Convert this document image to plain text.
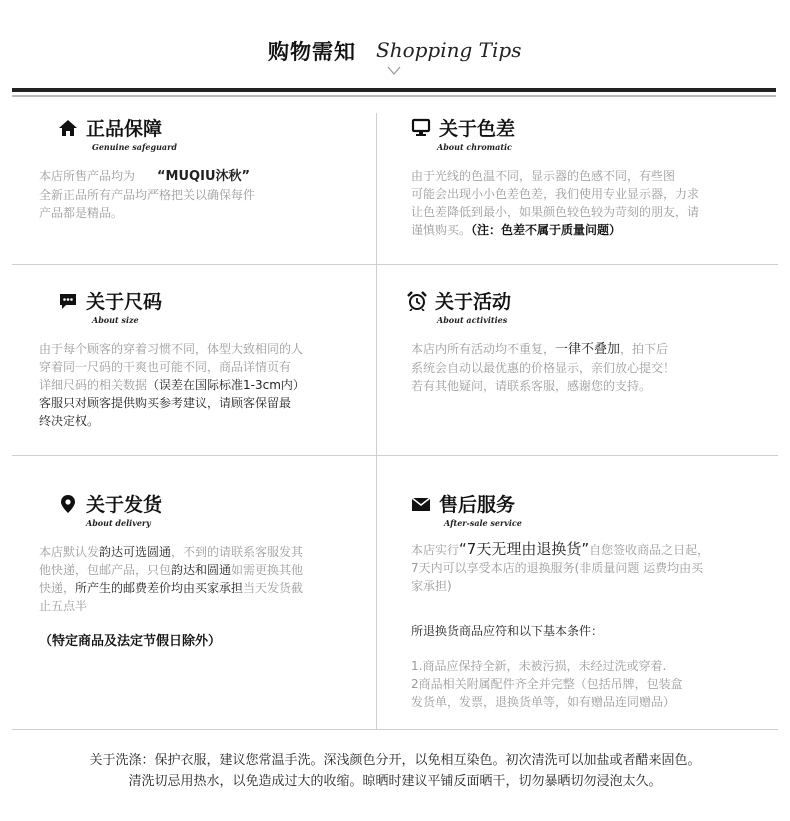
购物需知 Shopping Tips
正品保障
Genuine safeguard
本店所售产品均为 “MUQIU沐秋”
全新正品所有产品均严格把关以确保每件
产品都是精品。
关于色差
About chromatic
由于光线的色温不同，显示器的色感不同，有些图
可能会出现小小色差色差，我们使用专业显示器，力求
让色差降低到最小，如果颜色较色较为苛刻的朋友，请
谨慎购买。（注：色差不属于质量问题）
关于尺码
About size
由于每个顾客的穿着习惯不同，体型大致相同的人
穿着同一尺码的干爽也可能不同，商品详情页有
详细尺码的相关数据（误差在国际标准1-3cm内）
客服只对顾客提供购买参考建议，请顾客保留最
终决定权。
关于活动
About activities
本店内所有活动均不重复，一律不叠加，拍下后
系统会自动以最优惠的价格显示，亲们放心提交！
若有其他疑问，请联系客服，感谢您的支持。
关于发货
About delivery
本店默认发韵达可选圆通，不到的请联系客服发其
他快递，包邮产品，只包韵达和圆通如需更换其他
快递，所产生的邮费差价均由买家承担当天发货截
止五点半
（特定商品及法定节假日除外）
售后服务
After-sale service
本店实行“7天无理由退换货”自您签收商品之日起，
7天内可以享受本店的退换服务(非质量问题 运费均由买
家承担)
所退换货商品应符和以下基本条件：
1.商品应保持全新，未被污损，未经过洗或穿着.
2商品相关附属配件齐全并完整（包括吊牌，包装盒
发货单，发票，退换货单等，如有赠品连同赠品）
关于洗涤：保护衣服，建议您常温手洗。深浅颜色分开，以免相互染色。初次清洗可以加盐或者醋来固色。
清洗切忌用热水，以免造成过大的收缩。晾晒时建议平铺反面晒干，切勿暴晒切勿浸泡太久。
